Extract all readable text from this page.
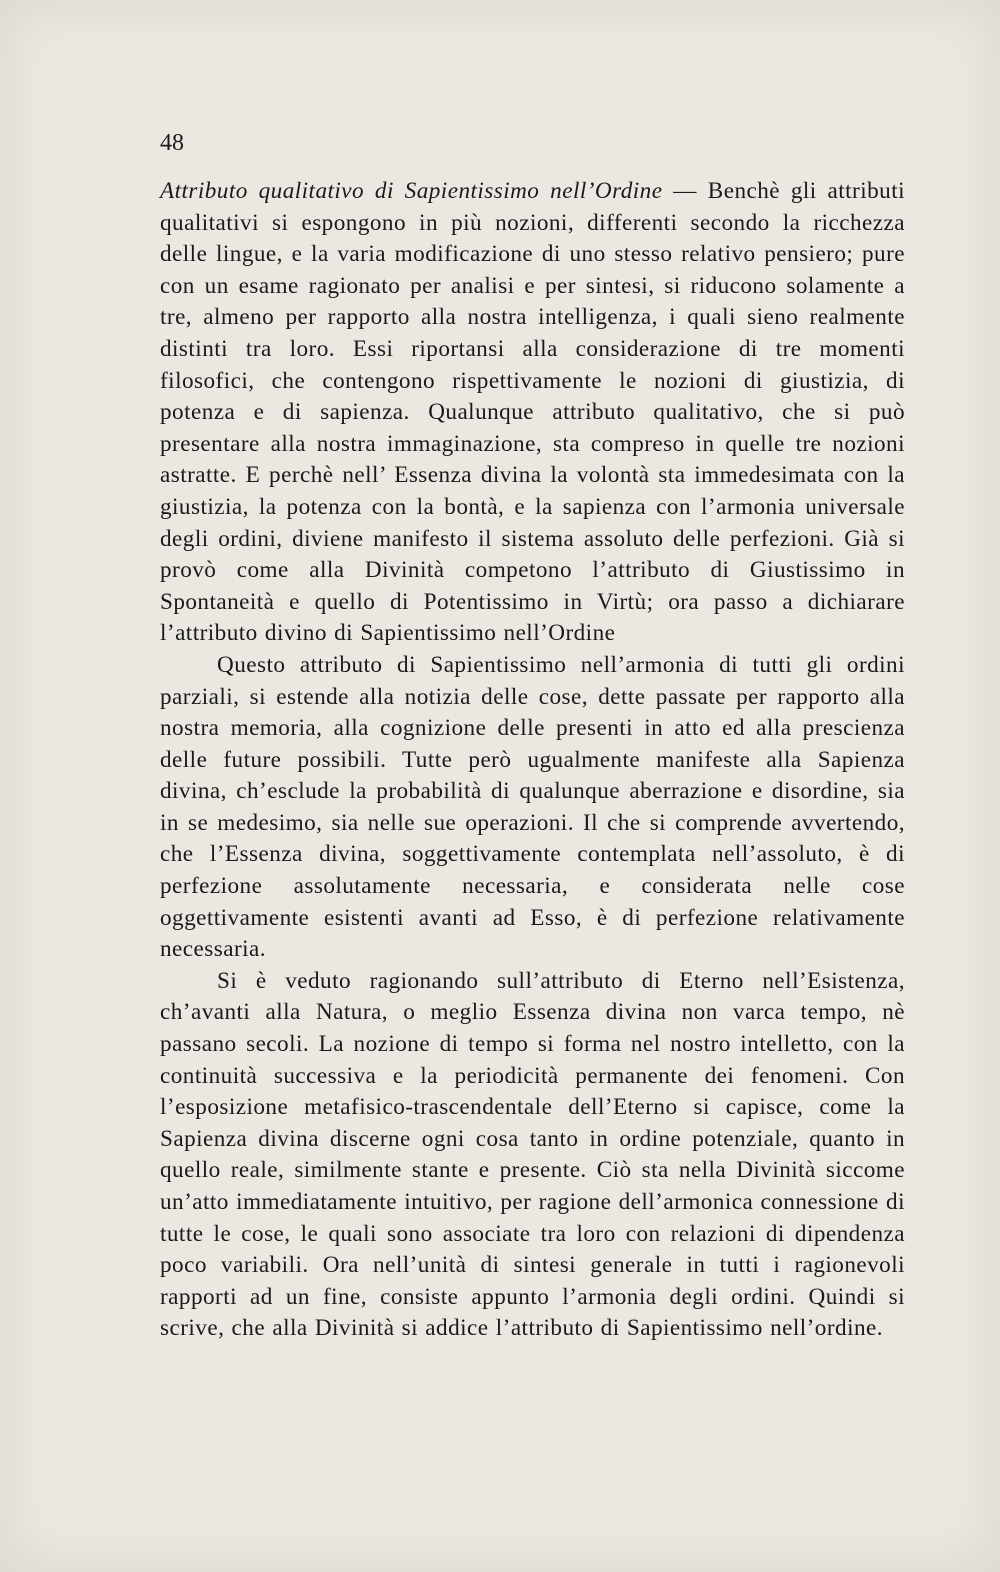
48

Attributo qualitativo di Sapientissimo nell’Ordine — Benchè gli attributi qualitativi si espongono in più nozioni, differenti secondo la ricchezza delle lingue, e la varia modificazione di uno stesso relativo pensiero; pure con un esame ragionato per analisi e per sintesi, si riducono solamente a tre, almeno per rapporto alla nostra intelligenza, i quali sieno realmente distinti tra loro. Essi riportansi alla considerazione di tre momenti filosofici, che contengono rispettivamente le nozioni di giustizia, di potenza e di sapienza. Qualunque attributo qualitativo, che si può presentare alla nostra immaginazione, sta compreso in quelle tre nozioni astratte. E perchè nell’ Essenza divina la volontà sta immedesimata con la giustizia, la potenza con la bontà, e la sapienza con l’armonia universale degli ordini, diviene manifesto il sistema assoluto delle perfezioni. Già si provò come alla Divinità competono l’attributo di Giustissimo in Spontaneità e quello di Potentissimo in Virtù; ora passo a dichiarare l’attributo divino di Sapientissimo nell’Ordine

Questo attributo di Sapientissimo nell’armonia di tutti gli ordini parziali, si estende alla notizia delle cose, dette passate per rapporto alla nostra memoria, alla cognizione delle presenti in atto ed alla prescienza delle future possibili. Tutte però ugualmente manifeste alla Sapienza divina, ch’esclude la probabilità di qualunque aberrazione e disordine, sia in se medesimo, sia nelle sue operazioni. Il che si comprende avvertendo, che l’Essenza divina, soggettivamente contemplata nell’assoluto, è di perfezione assolutamente necessaria, e considerata nelle cose oggettivamente esistenti avanti ad Esso, è di perfezione relativamente necessaria.

Si è veduto ragionando sull’attributo di Eterno nell’Esistenza, ch’avanti alla Natura, o meglio Essenza divina non varca tempo, nè passano secoli. La nozione di tempo si forma nel nostro intelletto, con la continuità successiva e la periodicità permanente dei fenomeni. Con l’esposizione metafisico-trascendentale dell’Eterno si capisce, come la Sapienza divina discerne ogni cosa tanto in ordine potenziale, quanto in quello reale, similmente stante e presente. Ciò sta nella Divinità siccome un’atto immediatamente intuitivo, per ragione dell’armonica connessione di tutte le cose, le quali sono associate tra loro con relazioni di dipendenza poco variabili. Ora nell’unità di sintesi generale in tutti i ragionevoli rapporti ad un fine, consiste appunto l’armonia degli ordini. Quindi si scrive, che alla Divinità si addice l’attributo di Sapientissimo nell’ordine.
